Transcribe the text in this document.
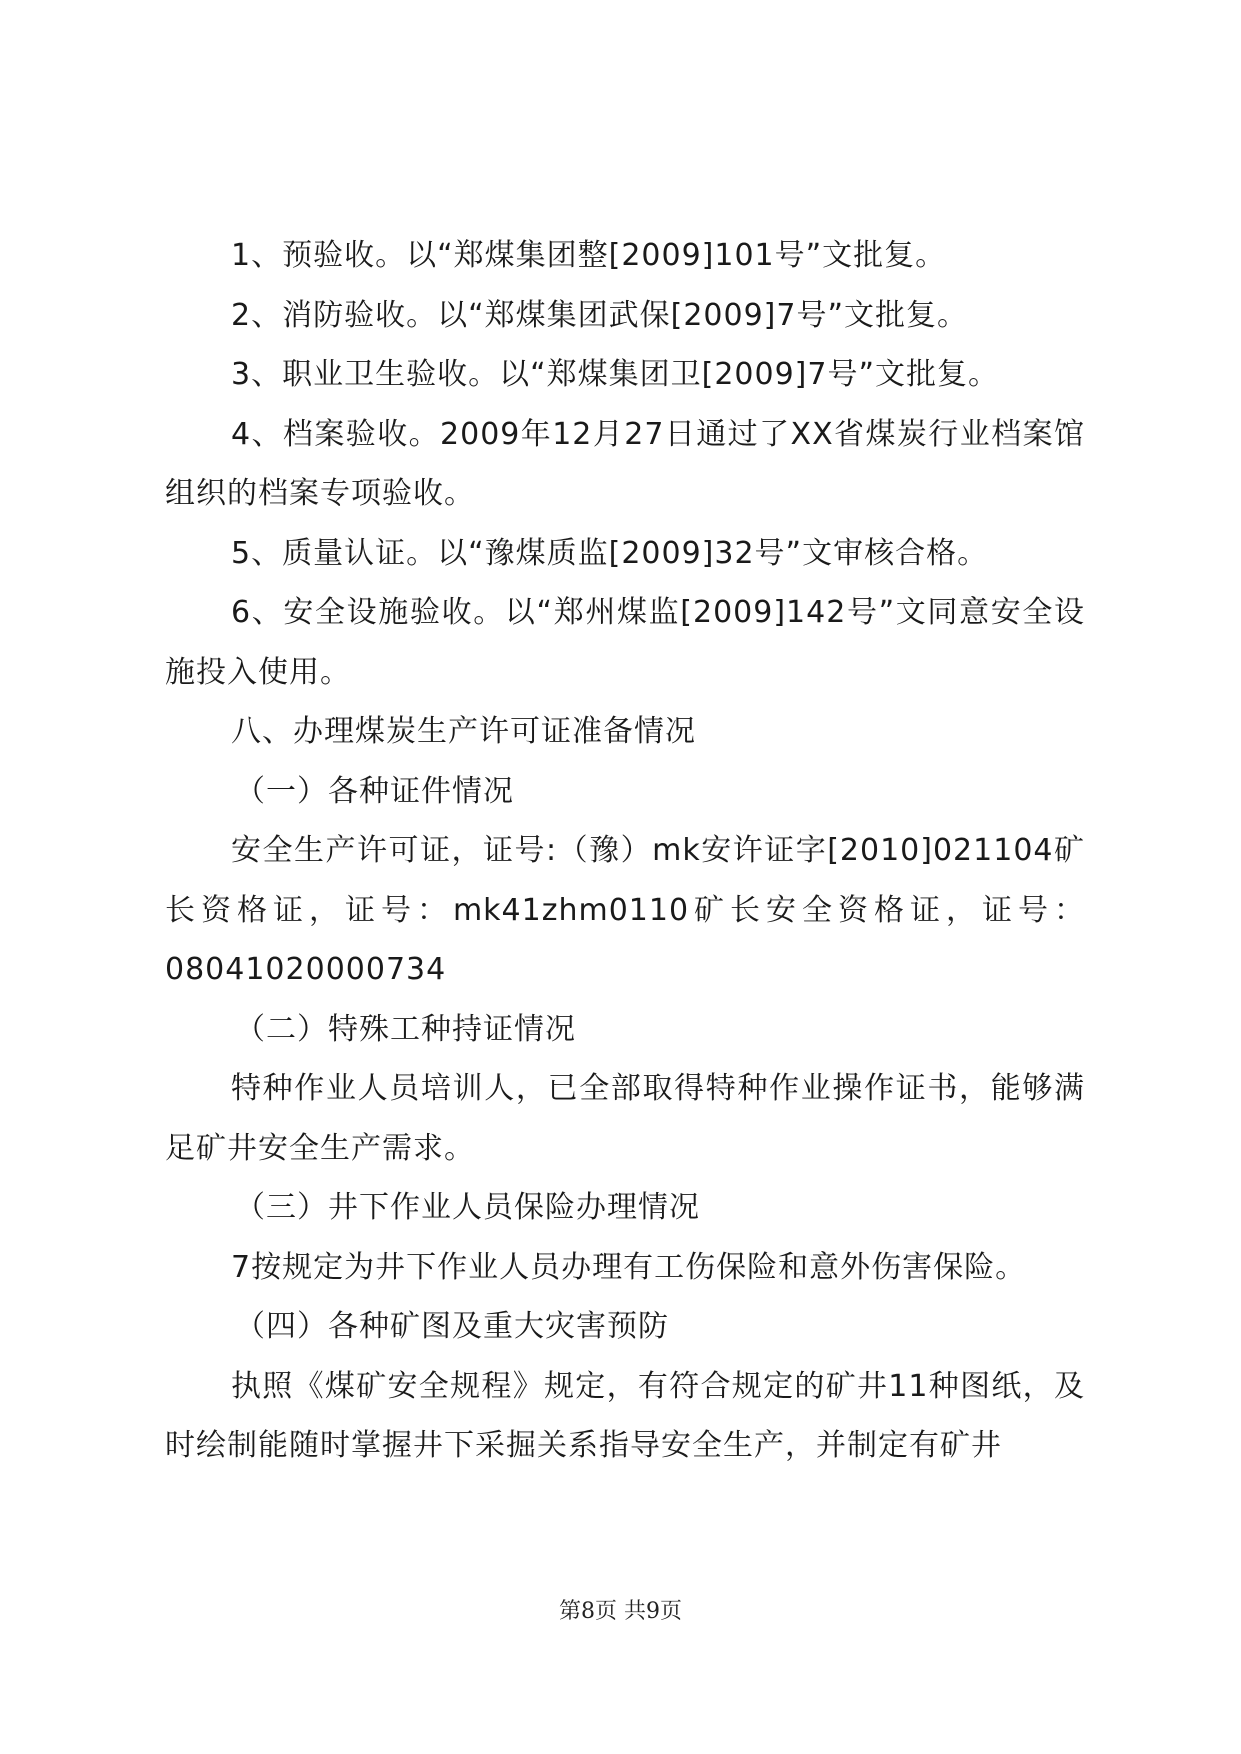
1、预验收。以“郑煤集团整[2009]101号”文批复。

2、消防验收。以“郑煤集团武保[2009]7号”文批复。

3、职业卫生验收。以“郑煤集团卫[2009]7号”文批复。

4、档案验收。2009年12月27日通过了XX省煤炭行业档案馆组织的档案专项验收。

5、质量认证。以“豫煤质监[2009]32号”文审核合格。

6、安全设施验收。以“郑州煤监[2009]142号”文同意安全设施投入使用。

八、办理煤炭生产许可证准备情况

（一）各种证件情况

安全生产许可证，证号:（豫）mk安许证字[2010]021104矿长资格证，证号：mk41zhm0110矿长安全资格证，证号：08041020000734

（二）特殊工种持证情况

特种作业人员培训人，已全部取得特种作业操作证书，能够满足矿井安全生产需求。

（三）井下作业人员保险办理情况

7按规定为井下作业人员办理有工伤保险和意外伤害保险。

（四）各种矿图及重大灾害预防

执照《煤矿安全规程》规定，有符合规定的矿井11种图纸，及时绘制能随时掌握井下采掘关系指导安全生产，并制定有矿井

第8页 共9页
